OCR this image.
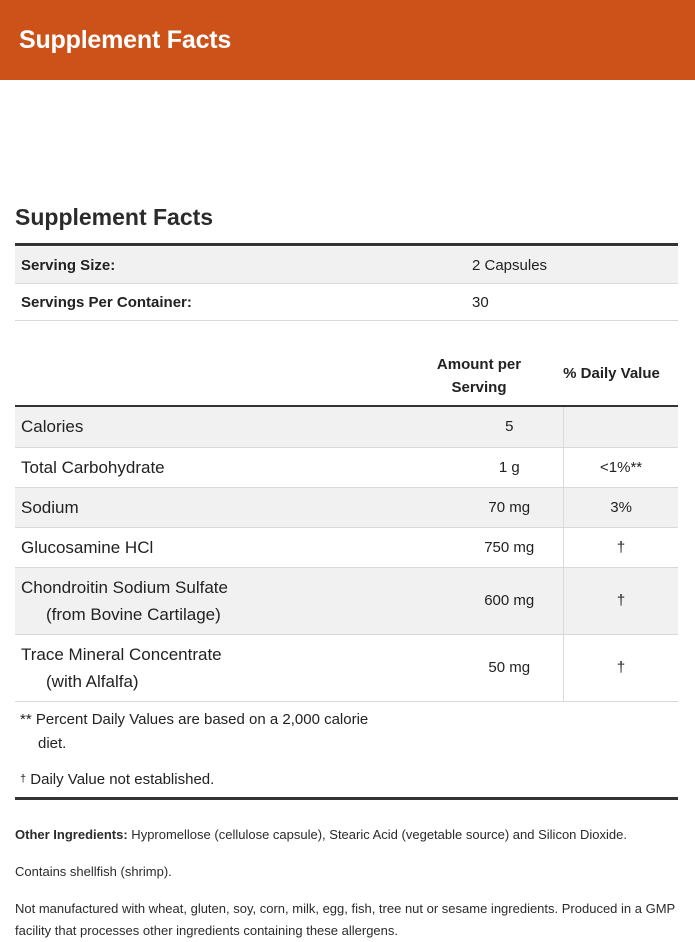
Supplement Facts
Supplement Facts
Serving Size:	2 Capsules
Servings Per Container:	30
Amount per
Serving
% Daily Value
Calories	5	
Total Carbohydrate	1 g	<1%**
Sodium	70 mg	3%
Glucosamine HCl	750 mg	†
Chondroitin Sodium Sulfate
(from Bovine Cartilage)	600 mg	†
Trace Mineral Concentrate
(with Alfalfa)	50 mg	†
** Percent Daily Values are based on a 2,000 calorie
diet.
† Daily Value not established.

Other Ingredients: Hypromellose (cellulose capsule), Stearic Acid (vegetable source) and Silicon Dioxide.

Contains shellfish (shrimp).

Not manufactured with wheat, gluten, soy, corn, milk, egg, fish, tree nut or sesame ingredients. Produced in a GMP facility that processes other ingredients containing these allergens.
